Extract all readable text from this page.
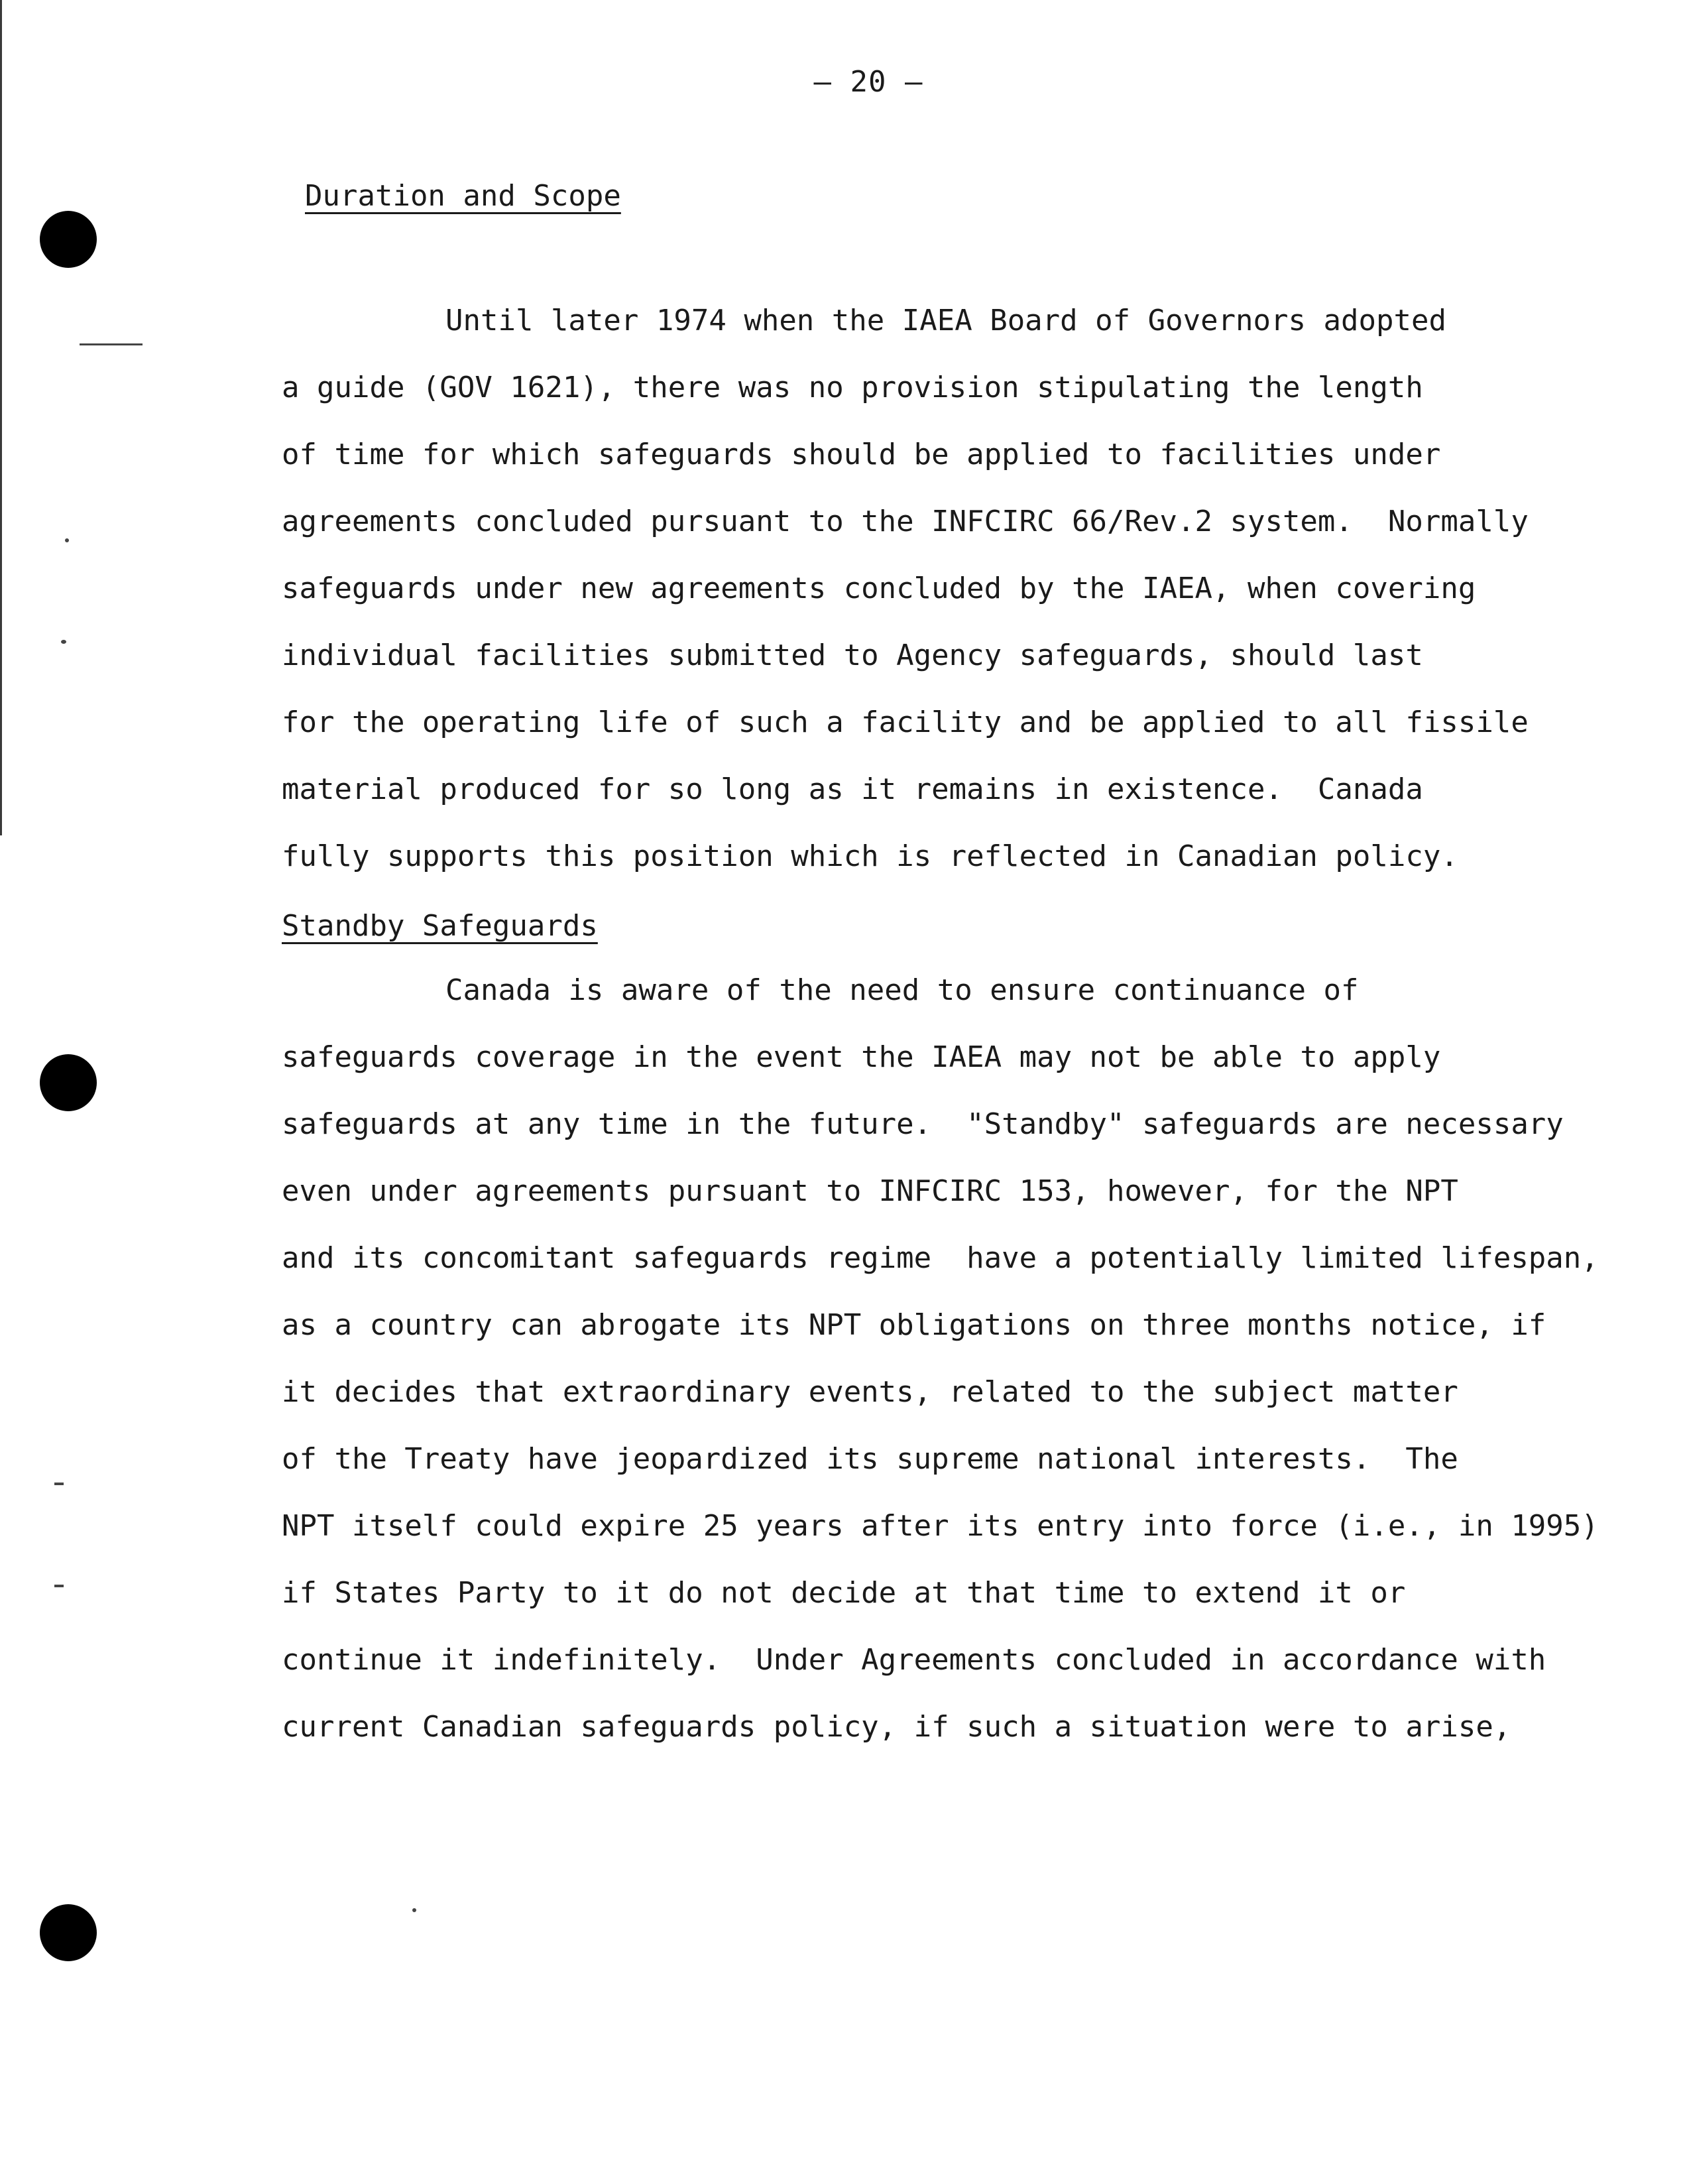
– 20 –
Duration and Scope
Until later 1974 when the IAEA Board of Governors adopted
a guide (GOV 1621), there was no provision stipulating the length
of time for which safeguards should be applied to facilities under
agreements concluded pursuant to the INFCIRC 66/Rev.2 system.  Normally
safeguards under new agreements concluded by the IAEA, when covering
individual facilities submitted to Agency safeguards, should last
for the operating life of such a facility and be applied to all fissile
material produced for so long as it remains in existence.  Canada
fully supports this position which is reflected in Canadian policy.
Standby Safeguards
Canada is aware of the need to ensure continuance of
safeguards coverage in the event the IAEA may not be able to apply
safeguards at any time in the future.  "Standby" safeguards are necessary
even under agreements pursuant to INFCIRC 153, however, for the NPT
and its concomitant safeguards regime  have a potentially limited lifespan,
as a country can abrogate its NPT obligations on three months notice, if
it decides that extraordinary events, related to the subject matter
of the Treaty have jeopardized its supreme national interests.  The
NPT itself could expire 25 years after its entry into force (i.e., in 1995)
if States Party to it do not decide at that time to extend it or
continue it indefinitely.  Under Agreements concluded in accordance with
current Canadian safeguards policy, if such a situation were to arise,
